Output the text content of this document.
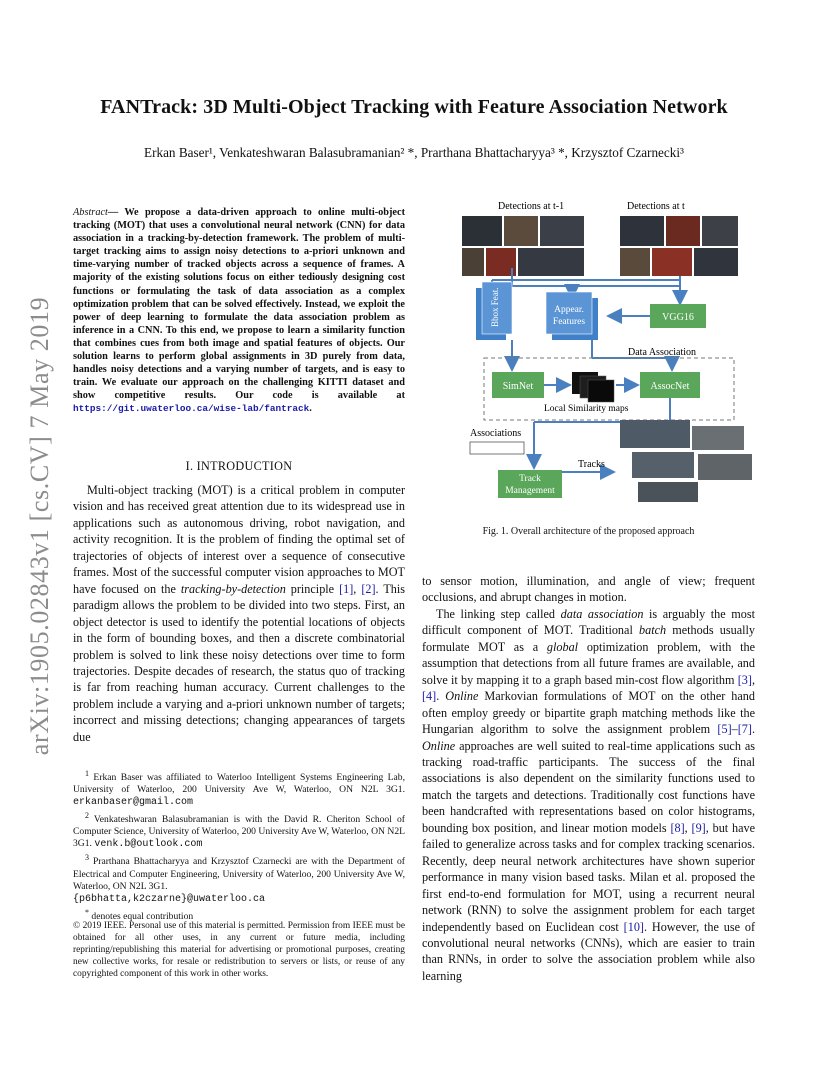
FANTrack: 3D Multi-Object Tracking with Feature Association Network
Erkan Baser¹, Venkateshwaran Balasubramanian² *, Prarthana Bhattacharyya³ *, Krzysztof Czarnecki³
arXiv:1905.02843v1 [cs.CV] 7 May 2019
Abstract— We propose a data-driven approach to online multi-object tracking (MOT) that uses a convolutional neural network (CNN) for data association in a tracking-by-detection framework. The problem of multi-target tracking aims to assign noisy detections to a-priori unknown and time-varying number of tracked objects across a sequence of frames. A majority of the existing solutions focus on either tediously designing cost functions or formulating the task of data association as a complex optimization problem that can be solved effectively. Instead, we exploit the power of deep learning to formulate the data association problem as inference in a CNN. To this end, we propose to learn a similarity function that combines cues from both image and spatial features of objects. Our solution learns to perform global assignments in 3D purely from data, handles noisy detections and a varying number of targets, and is easy to train. We evaluate our approach on the challenging KITTI dataset and show competitive results. Our code is available at https://git.uwaterloo.ca/wise-lab/fantrack.
I. INTRODUCTION

Multi-object tracking (MOT) is a critical problem in computer vision and has received great attention due to its widespread use in applications such as autonomous driving, robot navigation, and activity recognition. It is the problem of finding the optimal set of trajectories of objects of interest over a sequence of consecutive frames. Most of the successful computer vision approaches to MOT have focused on the tracking-by-detection principle [1], [2]. This paradigm allows the problem to be divided into two steps. First, an object detector is used to identify the potential locations of objects in the form of bounding boxes, and then a discrete combinatorial problem is solved to link these noisy detections over time to form trajectories. Despite decades of research, the status quo of tracking is far from reaching human accuracy. Current challenges to the problem include a varying and a-priori unknown number of targets; incorrect and missing detections; changing appearances of targets due

$^1$ Erkan Baser was affiliated to Waterloo Intelligent Systems Engineering Lab, University of Waterloo, 200 University Ave W, Waterloo, ON N2L 3G1. erkanbaser@gmail.com

$^2$ Venkateshwaran Balasubramanian is with the David R. Cheriton School of Computer Science, University of Waterloo, 200 University Ave W, Waterloo, ON N2L 3G1. venk.b@outlook.com

$^3$ Prarthana Bhattacharyya and Krzysztof Czarnecki are with the Department of Electrical and Computer Engineering, University of Waterloo, 200 University Ave W, Waterloo, ON N2L 3G1.
{p6bhatta,k2czarne}@uwaterloo.ca

* denotes equal contribution

© 2019 IEEE. Personal use of this material is permitted. Permission from IEEE must be obtained for all other uses, in any current or future media, including reprinting/republishing this material for advertising or promotional purposes, creating new collective works, for resale or redistribution to servers or lists, or reuse of any copyrighted component of this work in other works.
Detections at t-1	Detections at t
Bbox Feat.	Appear.
Features	VGG16
Data Association
SimNet	AssocNet
Local Similarity maps
Associations
Track
Management
Tracks
Fig. 1. Overall architecture of the proposed approach

to sensor motion, illumination, and angle of view; frequent occlusions, and abrupt changes in motion.

The linking step called data association is arguably the most difficult component of MOT. Traditional batch methods usually formulate MOT as a global optimization problem, with the assumption that detections from all future frames are available, and solve it by mapping it to a graph based min-cost flow algorithm [3], [4]. Online Markovian formulations of MOT on the other hand often employ greedy or bipartite graph matching methods like the Hungarian algorithm to solve the assignment problem [5]–[7]. Online approaches are well suited to real-time applications such as tracking road-traffic participants. The success of the final associations is also dependent on the similarity functions used to match the targets and detections. Traditionally cost functions have been handcrafted with representations based on color histograms, bounding box position, and linear motion models [8], [9], but have failed to generalize across tasks and for complex tracking scenarios. Recently, deep neural network architectures have shown superior performance in many vision based tasks. Milan et al. proposed the first end-to-end formulation for MOT, using a recurrent neural network (RNN) to solve the assignment problem for each target independently based on Euclidean cost [10]. However, the use of convolutional neural networks (CNNs), which are easier to train than RNNs, in order to solve the association problem while also learning
